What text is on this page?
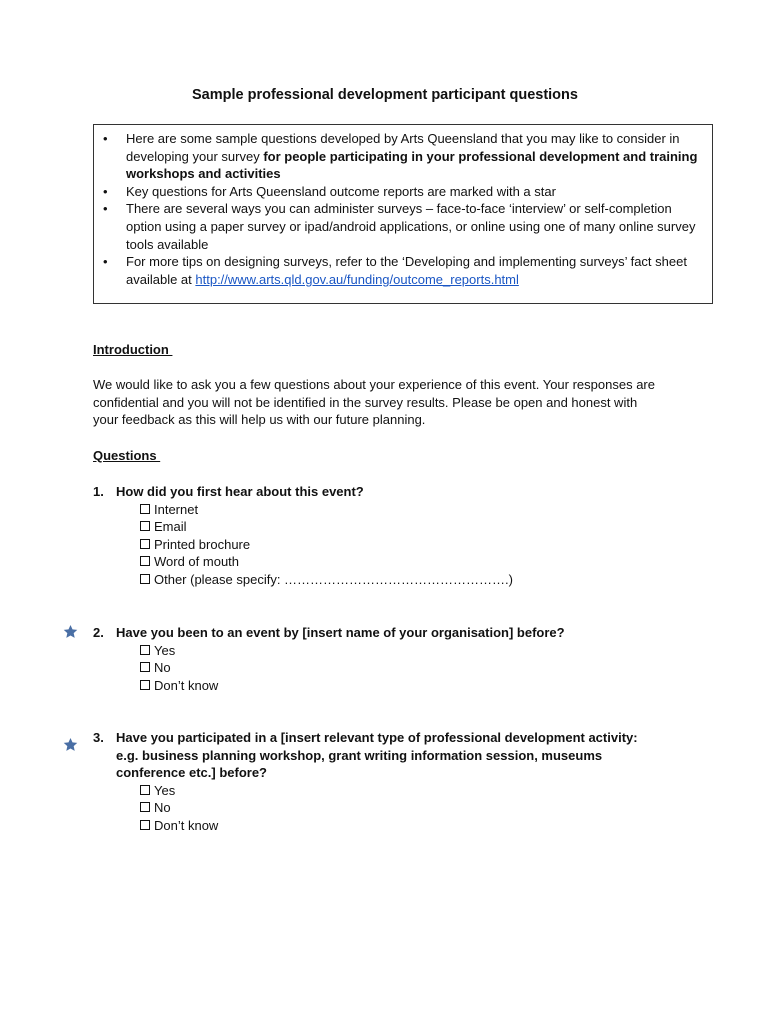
Sample professional development participant questions
• Here are some sample questions developed by Arts Queensland that you may like to consider in developing your survey for people participating in your professional development and training workshops and activities
• Key questions for Arts Queensland outcome reports are marked with a star
• There are several ways you can administer surveys – face-to-face ‘interview’ or self-completion option using a paper survey or ipad/android applications, or online using one of many online survey tools available
• For more tips on designing surveys, refer to the ‘Developing and implementing surveys’ fact sheet available at http://www.arts.qld.gov.au/funding/outcome_reports.html
Introduction
We would like to ask you a few questions about your experience of this event. Your responses are confidential and you will not be identified in the survey results. Please be open and honest with your feedback as this will help us with our future planning.
Questions
1. How did you first hear about this event?
Internet
Email
Printed brochure
Word of mouth
Other (please specify: …………………………………………….)
2. Have you been to an event by [insert name of your organisation] before?
Yes
No
Don’t know
3. Have you participated in a [insert relevant type of professional development activity: e.g. business planning workshop, grant writing information session, museums conference etc.] before?
Yes
No
Don’t know
